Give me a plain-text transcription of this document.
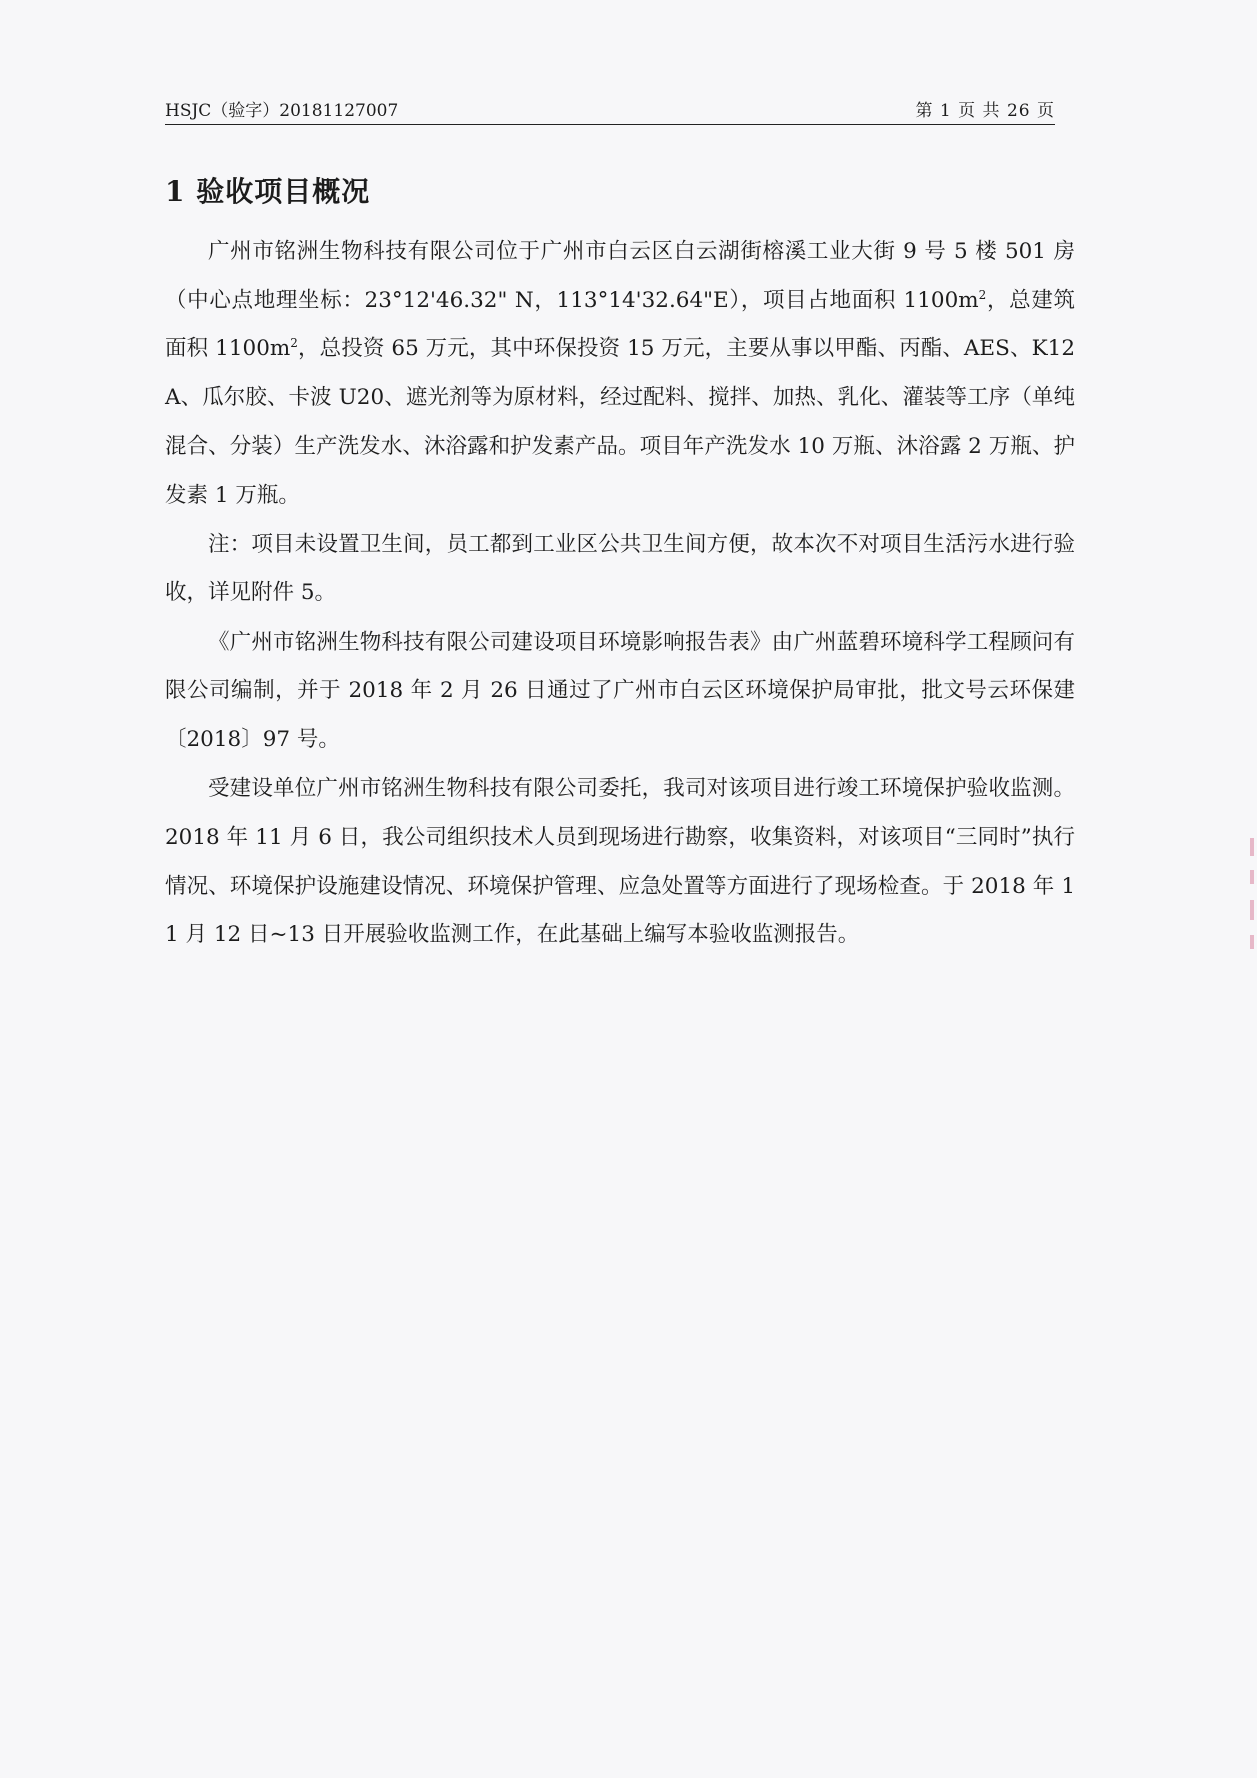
HSJC（验字）20181127007	第 1 页 共 26 页
1 验收项目概况

广州市铭洲生物科技有限公司位于广州市白云区白云湖街榕溪工业大街 9 号 5 楼 501 房（中心点地理坐标：23°12'46.32" N，113°14'32.64"E），项目占地面积 $1100m^2$，总建筑面积 $1100m^2$，总投资 65 万元，其中环保投资 15 万元，主要从事以甲酯、丙酯、AES、K12A、瓜尔胶、卡波 U20、遮光剂等为原材料，经过配料、搅拌、加热、乳化、灌装等工序（单纯混合、分装）生产洗发水、沐浴露和护发素产品。项目年产洗发水 10 万瓶、沐浴露 2 万瓶、护发素 1 万瓶。

注：项目未设置卫生间，员工都到工业区公共卫生间方便，故本次不对项目生活污水进行验收，详见附件 5。

《广州市铭洲生物科技有限公司建设项目环境影响报告表》由广州蓝碧环境科学工程顾问有限公司编制，并于 2018 年 2 月 26 日通过了广州市白云区环境保护局审批，批文号云环保建〔2018〕97 号。

受建设单位广州市铭洲生物科技有限公司委托，我司对该项目进行竣工环境保护验收监测。2018 年 11 月 6 日，我公司组织技术人员到现场进行勘察，收集资料，对该项目“三同时”执行情况、环境保护设施建设情况、环境保护管理、应急处置等方面进行了现场检查。于 2018 年 11 月 12 日~13 日开展验收监测工作，在此基础上编写本验收监测报告。
